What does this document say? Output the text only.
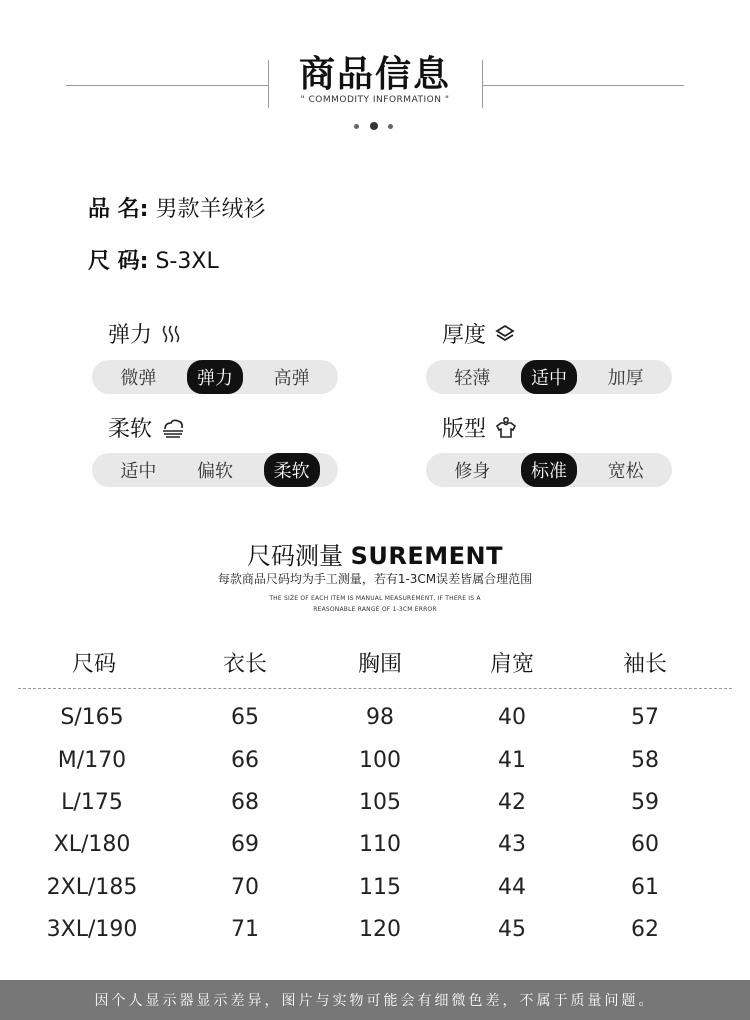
商品信息
" COMMODITY INFORMATION "
品 名: 男款羊绒衫
尺 码: S-3XL
弹力
微弹	弹力	高弹
厚度
轻薄	适中	加厚
柔软
适中	偏软	柔软
版型
修身	标准	宽松
尺码测量 SUREMENT
每款商品尺码均为手工测量，若有1-3CM误差皆属合理范围
THE SIZE OF EACH ITEM IS MANUAL MEASUREMENT, IF THERE IS A
REASONABLE RANGE OF 1-3CM ERROR
尺码	衣长	胸围	肩宽	袖长
S/165	65	98	40	57
M/170	66	100	41	58
L/175	68	105	42	59
XL/180	69	110	43	60
2XL/185	70	115	44	61
3XL/190	71	120	45	62
因个人显示器显示差异，图片与实物可能会有细微色差，不属于质量问题。
